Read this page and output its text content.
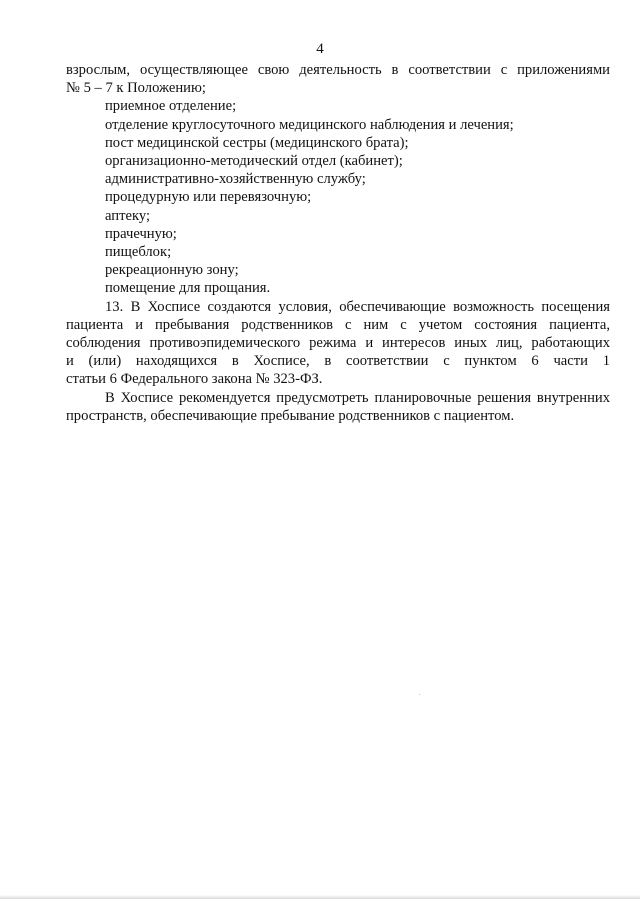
4
взрослым, осуществляющее свою деятельность в соответствии с приложениями
№ 5 – 7 к Положению;
приемное отделение;
отделение круглосуточного медицинского наблюдения и лечения;
пост медицинской сестры (медицинского брата);
организационно-методический отдел (кабинет);
административно-хозяйственную службу;
процедурную или перевязочную;
аптеку;
прачечную;
пищеблок;
рекреационную зону;
помещение для прощания.
13. В Хосписе создаются условия, обеспечивающие возможность посещения
пациента и пребывания родственников с ним с учетом состояния пациента,
соблюдения противоэпидемического режима и интересов иных лиц, работающих
и (или) находящихся в Хосписе, в соответствии с пунктом 6 части 1
статьи 6 Федерального закона № 323-ФЗ.
В Хосписе рекомендуется предусмотреть планировочные решения внутренних
пространств, обеспечивающие пребывание родственников с пациентом.
